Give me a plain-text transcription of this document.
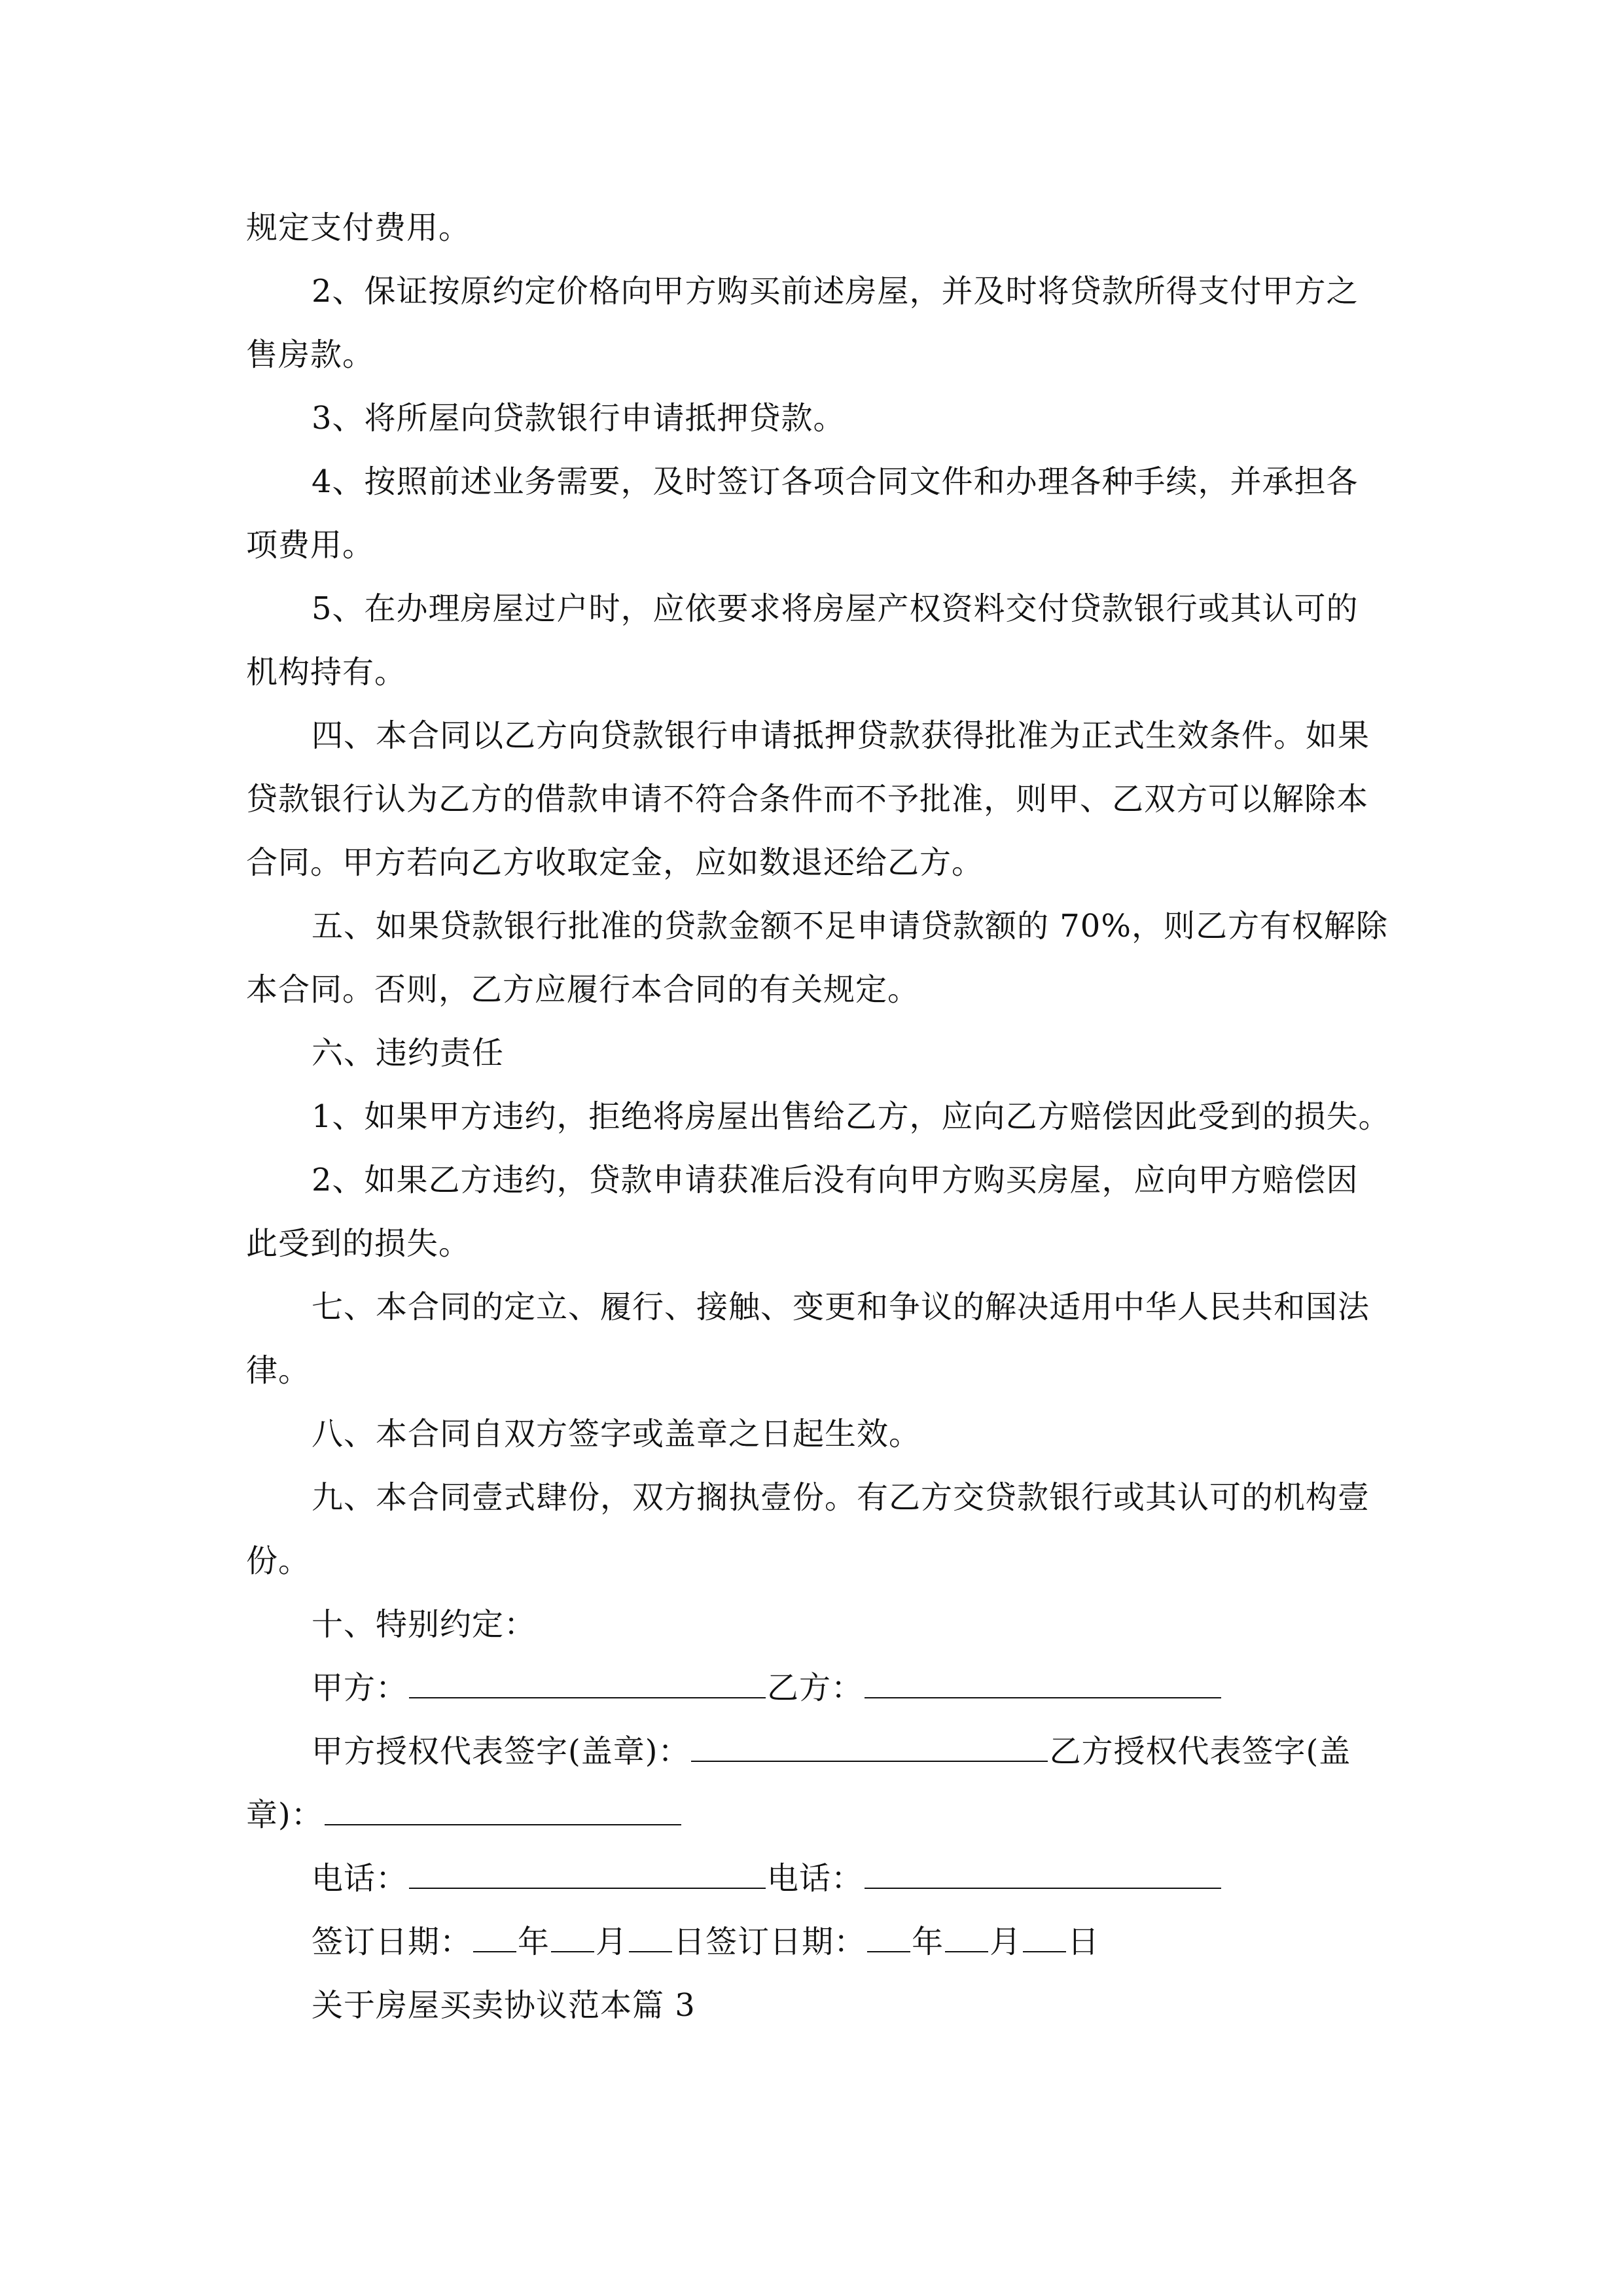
规定支付费用。
2、保证按原约定价格向甲方购买前述房屋，并及时将贷款所得支付甲方之
售房款。
3、将所屋向贷款银行申请抵押贷款。
4、按照前述业务需要，及时签订各项合同文件和办理各种手续，并承担各
项费用。
5、在办理房屋过户时，应依要求将房屋产权资料交付贷款银行或其认可的
机构持有。
四、本合同以乙方向贷款银行申请抵押贷款获得批准为正式生效条件。如果
贷款银行认为乙方的借款申请不符合条件而不予批准，则甲、乙双方可以解除本
合同。甲方若向乙方收取定金，应如数退还给乙方。
五、如果贷款银行批准的贷款金额不足申请贷款额的 70%，则乙方有权解除
本合同。否则，乙方应履行本合同的有关规定。
六、违约责任
1、如果甲方违约，拒绝将房屋出售给乙方，应向乙方赔偿因此受到的损失。
2、如果乙方违约，贷款申请获准后没有向甲方购买房屋，应向甲方赔偿因
此受到的损失。
七、本合同的定立、履行、接触、变更和争议的解决适用中华人民共和国法
律。
八、本合同自双方签字或盖章之日起生效。
九、本合同壹式肆份，双方搁执壹份。有乙方交贷款银行或其认可的机构壹
份。
十、特别约定：
甲方：	乙方：
甲方授权代表签字(盖章)：	乙方授权代表签字(盖
章)：
电话：	电话：
签订日期： 年 月 日签订日期： 年 月 日
关于房屋买卖协议范本篇 3
